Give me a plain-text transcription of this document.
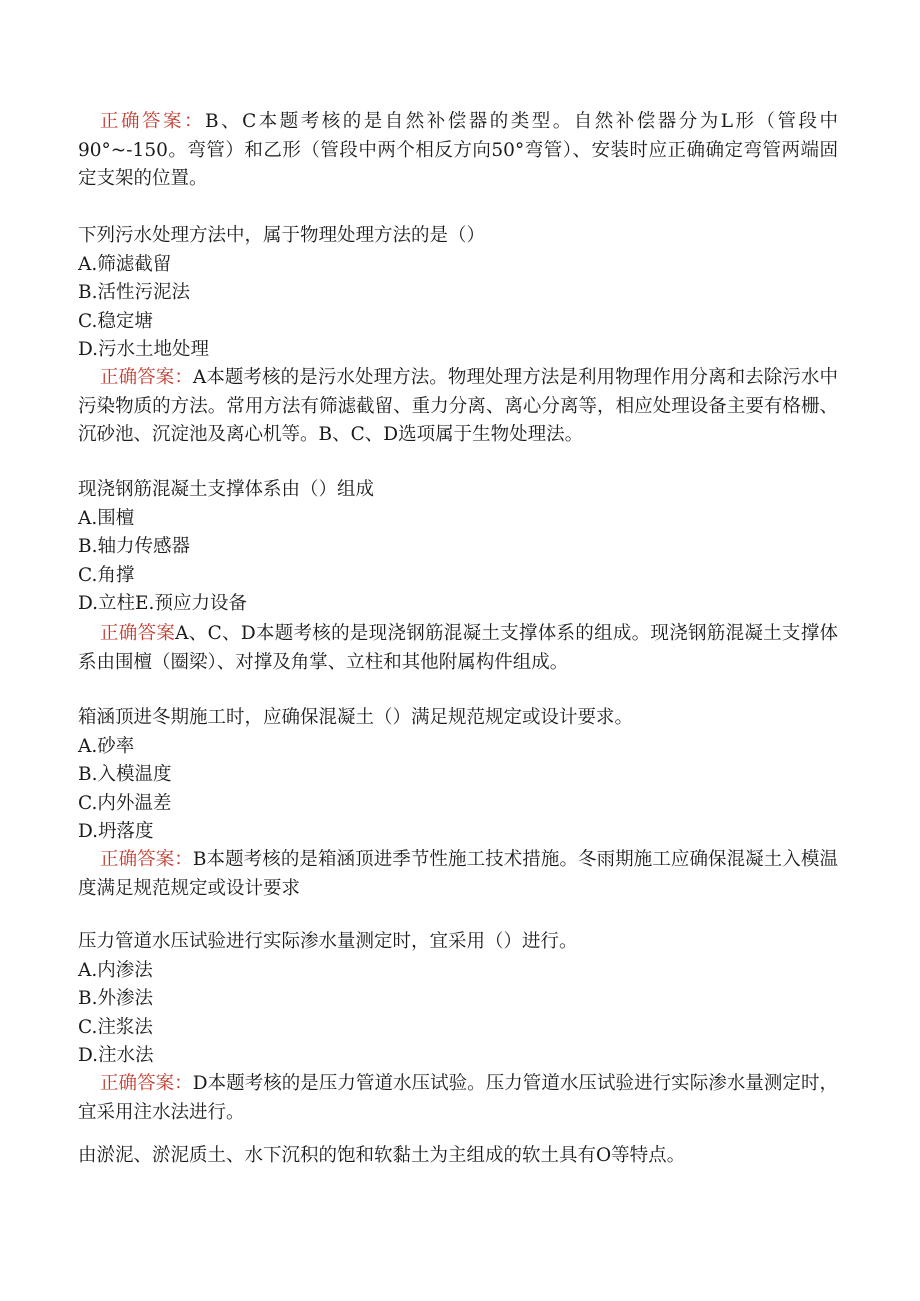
正确答案：B、C本题考核的是自然补偿器的类型。自然补偿器分为L形（管段中90°~-150。弯管）和乙形（管段中两个相反方向50°弯管）、安装时应正确确定弯管两端固定支架的位置。

下列污水处理方法中，属于物理处理方法的是（）

A.筛滤截留
B.活性污泥法
C.稳定塘
D.污水土地处理

正确答案：A本题考核的是污水处理方法。物理处理方法是利用物理作用分离和去除污水中污染物质的方法。常用方法有筛滤截留、重力分离、离心分离等，相应处理设备主要有格栅、沉砂池、沉淀池及离心机等。B、C、D选项属于生物处理法。

现浇钢筋混凝土支撑体系由（）组成

A.围檀
B.轴力传感器
C.角撑
D.立柱E.预应力设备

正确答案A、C、D本题考核的是现浇钢筋混凝土支撑体系的组成。现浇钢筋混凝土支撑体系由围檀（圈梁）、对撑及角掌、立柱和其他附属构件组成。

箱涵顶进冬期施工时，应确保混凝土（）满足规范规定或设计要求。

A.砂率
B.入模温度
C.内外温差
D.坍落度

正确答案：B本题考核的是箱涵顶进季节性施工技术措施。冬雨期施工应确保混凝土入模温度满足规范规定或设计要求

压力管道水压试验进行实际渗水量测定时，宜采用（）进行。

A.内渗法
B.外渗法
C.注浆法
D.注水法

正确答案：D本题考核的是压力管道水压试验。压力管道水压试验进行实际渗水量测定时，宜采用注水法进行。

由淤泥、淤泥质土、水下沉积的饱和软黏土为主组成的软土具有O等特点。
